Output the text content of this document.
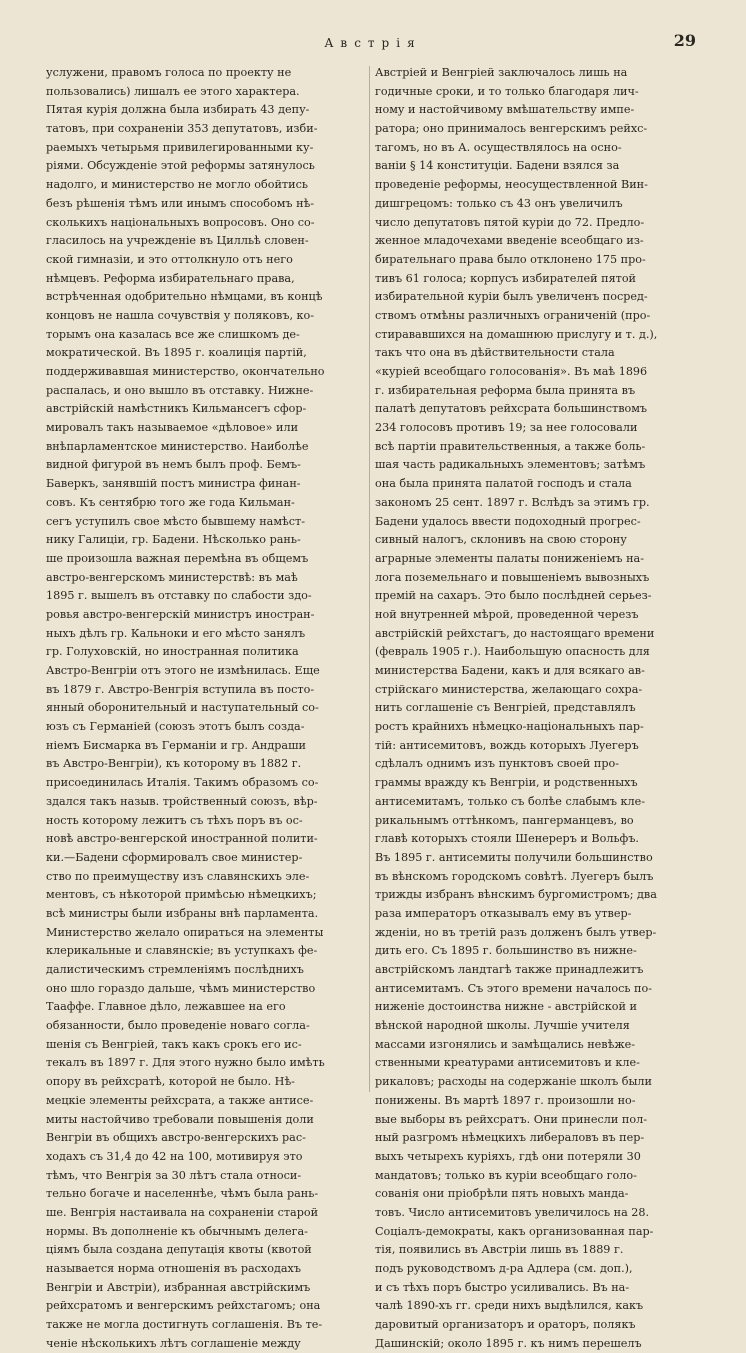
Австрія	29
услужени, правомъ голоса по проекту не
пользовались) лишалъ ее этого характера.
Пятая курія должна была избирать 43 депу-
татовъ, при сохраненіи 353 депутатовъ, изби-
раемыхъ четырьмя привилегированными ку-
ріями. Обсужденіе этой реформы затянулось
надолго, и министерство не могло обойтись
безъ рѣшенія тѣмъ или инымъ способомъ нѣ-
сколькихъ національныхъ вопросовъ. Оно со-
гласилось на учрежденіе въ Цилльѣ словен-
ской гимназіи, и это оттолкнуло отъ него
нѣмцевъ. Реформа избирательнаго права,
встрѣченная одобрительно нѣмцами, въ концѣ
концовъ не нашла сочувствія у поляковъ, ко-
торымъ она казалась все же слишкомъ де-
мократической. Въ 1895 г. коалиція партій,
поддерживавшая министерство, окончательно
распалась, и оно вышло въ отставку. Нижне-
австрійскій намѣстникъ Кильмансегъ сфор-
мировалъ такъ называемое «дѣловое» или
внѣпарламентское министерство. Наиболѣе
видной фигурой въ немъ былъ проф. Бемъ-
Баверкъ, занявшій постъ министра финан-
совъ. Къ сентябрю того же года Кильман-
сегъ уступилъ свое мѣсто бывшему намѣст-
нику Галиціи, гр. Бадени. Нѣсколько рань-
ше произошла важная перемѣна въ общемъ
австро-венгерскомъ министерствѣ: въ маѣ
1895 г. вышелъ въ отставку по слабости здо-
ровья австро-венгерскій министръ иностран-
ныхъ дѣлъ гр. Кальноки и его мѣсто занялъ
гр. Голуховскій, но иностранная политика
Австро-Венгріи отъ этого не измѣнилась. Еще
въ 1879 г. Австро-Венгрія вступила въ посто-
янный оборонительный и наступательный со-
юзъ съ Германіей (союзъ этотъ былъ созда-
ніемъ Бисмарка въ Германіи и гр. Андраши
въ Австро-Венгріи), къ которому въ 1882 г.
присоединилась Италія. Такимъ образомъ со-
здался такъ назыв. тройственный союзъ, вѣр-
ность которому лежитъ съ тѣхъ поръ въ ос-
новѣ австро-венгерской иностранной полити-
ки.—Бадени сформировалъ свое министер-
ство по преимуществу изъ славянскихъ эле-
ментовъ, съ нѣкоторой примѣсью нѣмецкихъ;
всѣ министры были избраны внѣ парламента.
Министерство желало опираться на элементы
клерикальные и славянскіе; въ уступкахъ фе-
далистическимъ стремленіямъ послѣднихъ
оно шло гораздо дальше, чѣмъ министерство
Тааффе. Главное дѣло, лежавшее на его
обязанности, было проведеніе новаго согла-
шенія съ Венгріей, такъ какъ срокъ его ис-
текалъ въ 1897 г. Для этого нужно было имѣть
опору въ рейхсратѣ, которой не было. Нѣ-
мецкіе элементы рейхсрата, а также антисе-
миты настойчиво требовали повышенія доли
Венгріи въ общихъ австро-венгерскихъ рас-
ходахъ съ 31,4 до 42 на 100, мотивируя это
тѣмъ, что Венгрія за 30 лѣтъ стала относи-
тельно богаче и населеннѣе, чѣмъ была рань-
ше. Венгрія настаивала на сохраненіи старой
нормы. Въ дополненіе къ обычнымъ делега-
ціямъ была создана депутація квоты (квотой
называется норма отношенія въ расходахъ
Венгріи и Австріи), избранная австрійскимъ
рейхсратомъ и венгерскимъ рейхстагомъ; она
также не могла достигнуть соглашенія. Въ те-
ченіе нѣсколькихъ лѣтъ соглашеніе между
Австріей и Венгріей заключалось лишь на
годичные сроки, и то только благодаря лич-
ному и настойчивому вмѣшательству импе-
ратора; оно принималось венгерскимъ рейхс-
тагомъ, но въ А. осуществлялось на осно-
ваніи § 14 конституціи. Бадени взялся за
проведеніе реформы, неосуществленной Вин-
дишгрецомъ: только съ 43 онъ увеличилъ
число депутатовъ пятой куріи до 72. Предло-
женное младочехами введеніе всеобщаго из-
бирательнаго права было отклонено 175 про-
тивъ 61 голоса; корпусъ избирателей пятой
избирательной куріи былъ увеличенъ посред-
ствомъ отмѣны различныхъ ограниченій (про-
стирававшихся на домашнюю прислугу и т. д.),
такъ что она въ дѣйствительности стала
«куріей всеобщаго голосованія». Въ маѣ 1896
г. избирательная реформа была принята въ
палатѣ депутатовъ рейхсрата большинствомъ
234 голосовъ противъ 19; за нее голосовали
всѣ партіи правительственныя, а также боль-
шая часть радикальныхъ элементовъ; затѣмъ
она была принята палатой господъ и стала
закономъ 25 сент. 1897 г. Вслѣдъ за этимъ гр.
Бадени удалось ввести подоходный прогрес-
сивный налогъ, склонивъ на свою сторону
аграрные элементы палаты пониженіемъ на-
лога поземельнаго и повышеніемъ вывозныхъ
премій на сахаръ. Это было послѣдней серьез-
ной внутренней мѣрой, проведенной черезъ
австрійскій рейхстагъ, до настоящаго времени
(февраль 1905 г.). Наибольшую опасность для
министерства Бадени, какъ и для всякаго ав-
стрійскаго министерства, желающаго сохра-
нить соглашеніе съ Венгріей, представлялъ
ростъ крайнихъ нѣмецко-національныхъ пар-
тій: антисемитовъ, вождь которыхъ Луегеръ
сдѣлалъ однимъ изъ пунктовъ своей про-
граммы вражду къ Венгріи, и родственныхъ
антисемитамъ, только съ болѣе слабымъ кле-
рикальнымъ оттѣнкомъ, пангерманцевъ, во
главѣ которыхъ стояли Шенереръ и Вольфъ.
Въ 1895 г. антисемиты получили большинство
въ вѣнскомъ городскомъ совѣтѣ. Луегеръ былъ
трижды избранъ вѣнскимъ бургомистромъ; два
раза императоръ отказывалъ ему въ утвер-
жденіи, но въ третій разъ долженъ былъ утвер-
дить его. Съ 1895 г. большинство въ нижне-
австрійскомъ ландтагѣ также принадлежитъ
антисемитамъ. Съ этого времени началось по-
ниженіе достоинства нижне - австрійской и
вѣнской народной школы. Лучшіе учителя
массами изгонялись и замѣщались невѣже-
ственными креатурами антисемитовъ и кле-
рикаловъ; расходы на содержаніе школъ были
понижены. Въ мартѣ 1897 г. произошли но-
вые выборы въ рейхсратъ. Они принесли пол-
ный разгромъ нѣмецкихъ либераловъ въ пер-
выхъ четырехъ куріяхъ, гдѣ они потеряли 30
мандатовъ; только въ куріи всеобщаго голо-
сованія они пріобрѣли пять новыхъ манда-
товъ. Число антисемитовъ увеличилось на 28.
Соціалъ-демократы, какъ организованная пар-
тія, появились въ Австріи лишь въ 1889 г.
подъ руководствомъ д-ра Адлера (см. доп.),
и съ тѣхъ поръ быстро усиливались. Въ на-
чалѣ 1890-хъ гг. среди нихъ выдѣлился, какъ
даровитый организаторъ и ораторъ, полякъ
Дашинскій; около 1895 г. къ нимъ перешелъ
